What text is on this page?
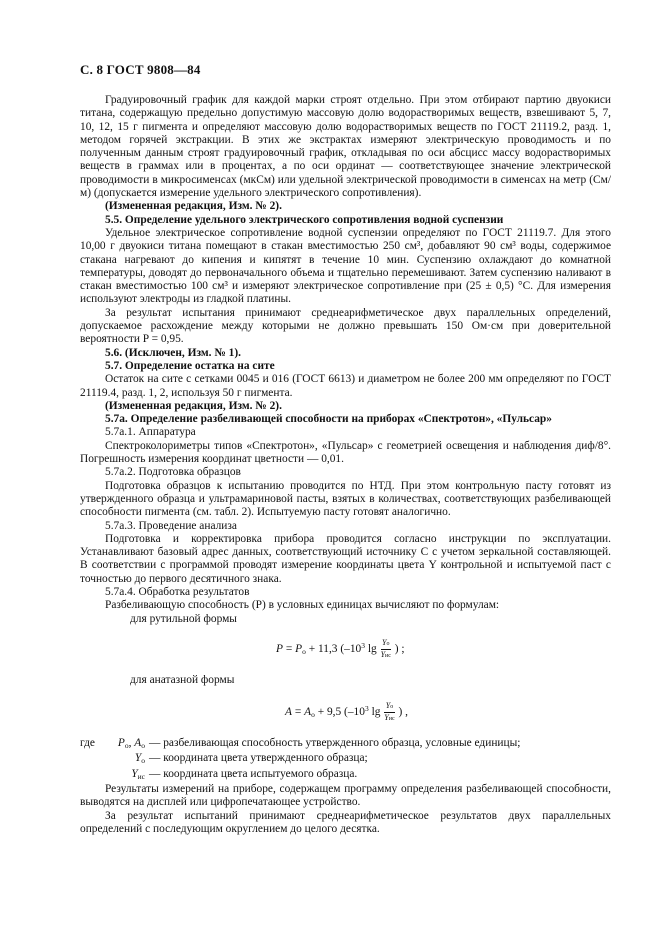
С. 8 ГОСТ 9808—84

Градуировочный график для каждой марки строят отдельно. При этом отбирают партию двуокиси титана, содержащую предельно допустимую массовую долю водорастворимых веществ, взвешивают 5, 7, 10, 12, 15 г пигмента и определяют массовую долю водорастворимых веществ по ГОСТ 21119.2, разд. 1, методом горячей экстракции. В этих же экстрактах измеряют электрическую проводимость и по полученным данным строят градуировочный график, откладывая по оси абсцисс массу водорастворимых веществ в граммах или в процентах, а по оси ординат — соответствующее значение электрической проводимости в микросименсах (мкСм) или удельной электрической проводимости в сименсах на метр (См/м) (допускается измерение удельного электрического сопротивления).

(Измененная редакция, Изм. № 2).

5.5. Определение удельного электрического сопротивления водной суспензии

Удельное электрическое сопротивление водной суспензии определяют по ГОСТ 21119.7. Для этого 10,00 г двуокиси титана помещают в стакан вместимостью 250 см³, добавляют 90 см³ воды, содержимое стакана нагревают до кипения и кипятят в течение 10 мин. Суспензию охлаждают до комнатной температуры, доводят до первоначального объема и тщательно перемешивают. Затем суспензию наливают в стакан вместимостью 100 см³ и измеряют электрическое сопротивление при (25 ± 0,5) °С. Для измерения используют электроды из гладкой платины.

За результат испытания принимают среднеарифметическое двух параллельных определений, допускаемое расхождение между которыми не должно превышать 150 Ом·см при доверительной вероятности P = 0,95.

5.6. (Исключен, Изм. № 1).

5.7. Определение остатка на сите

Остаток на сите с сетками 0045 и 016 (ГОСТ 6613) и диаметром не более 200 мм определяют по ГОСТ 21119.4, разд. 1, 2, используя 50 г пигмента.

(Измененная редакция, Изм. № 2).

5.7а. Определение разбеливающей способности на приборах «Спектротон», «Пульсар»

5.7а.1. Аппаратура

Спектроколориметры типов «Спектротон», «Пульсар» с геометрией освещения и наблюдения диф/8°. Погрешность измерения координат цветности — 0,01.

5.7а.2. Подготовка образцов

Подготовка образцов к испытанию проводится по НТД. При этом контрольную пасту готовят из утвержденного образца и ультрамариновой пасты, взятых в количествах, соответствующих разбеливающей способности пигмента (см. табл. 2). Испытуемую пасту готовят аналогично.

5.7а.3. Проведение анализа

Подготовка и корректировка прибора проводится согласно инструкции по эксплуатации. Устанавливают базовый адрес данных, соответствующий источнику С с учетом зеркальной составляющей. В соответствии с программой проводят измерение координаты цвета Y контрольной и испытуемой паст с точностью до первого десятичного знака.

5.7а.4. Обработка результатов

Разбеливающую способность (P) в условных единицах вычисляют по формулам:

для рутильной формы

$P = P_o + 11,3$ ($-10^3$ $\lg \frac{Yo}{\text{Yис}}$ ) ;

для анатазной формы

$A = A_o + 9,5$ ($-10^3$ $\lg \frac{Yo}{\text{Yис}}$ ) ,
где	$P_o$, $A_o$ — разбеливающая способность утвержденного образца, условные единицы;
$Y_o$ — координата цвета утвержденного образца;
$Y_{ис}$ — координата цвета испытуемого образца.

Результаты измерений на приборе, содержащем программу определения разбеливающей способности, выводятся на дисплей или цифропечатающее устройство.

За результат испытаний принимают среднеарифметическое результатов двух параллельных определений с последующим округлением до целого десятка.
